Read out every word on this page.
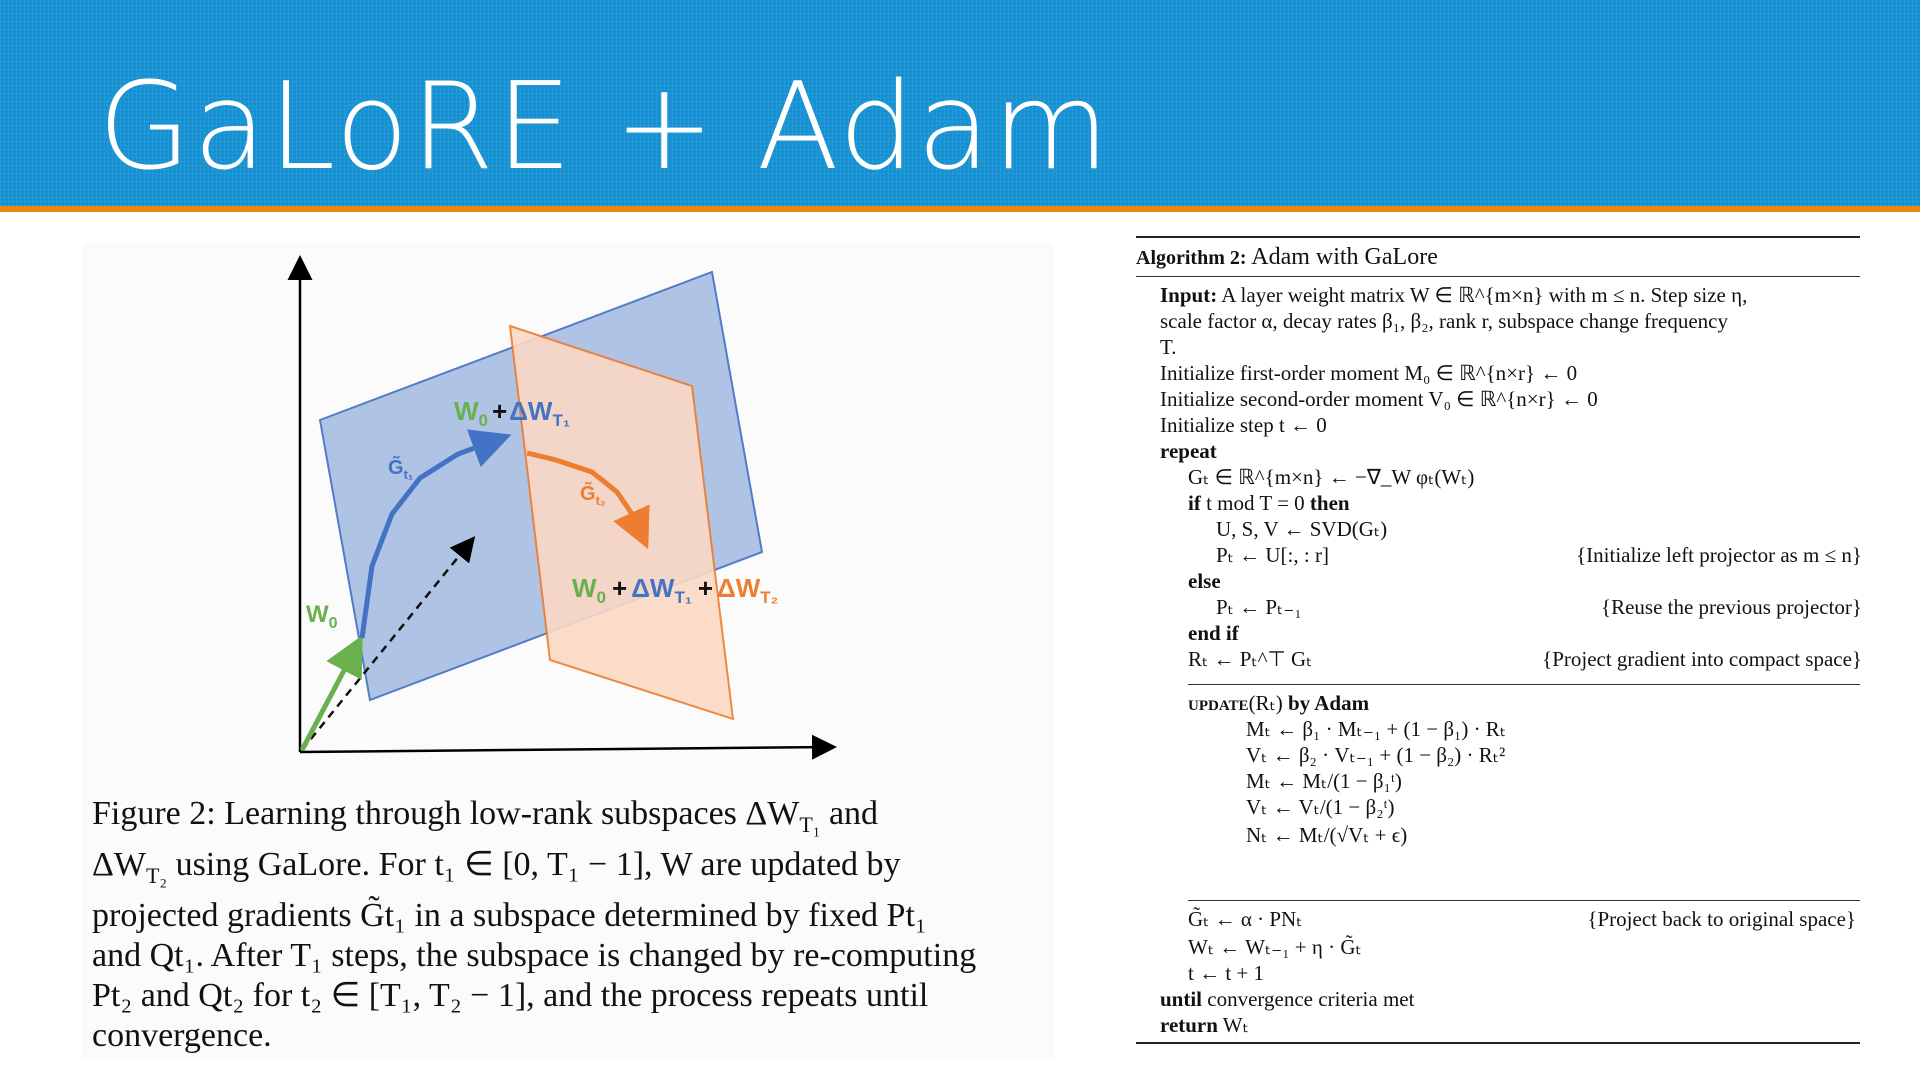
GaLoRE + Adam
$W_0$
$G̃_{t_1}$
$G̃_{t_2}$
$W_0 +\Delta W_{T_1}$
$W_0 + \Delta W_{T_1} + \Delta W_{T_2}$
Figure 2: Learning through low-rank subspaces $\Delta W_{T_1}$ and
$\Delta W_{T_2}$ using GaLore. For t₁ ∈ [0, T₁ − 1], W are updated by
projected gradients G̃t₁ in a subspace determined by fixed Pt₁
and Qt₁. After T₁ steps, the subspace is changed by re-computing
Pt₂ and Qt₂ for t₂ ∈ [T₁, T₂ − 1], and the process repeats until
convergence.
Algorithm 2: Adam with GaLore
Input: A layer weight matrix W ∈ ℝ^{m×n} with m ≤ n. Step size η,
scale factor α, decay rates β₁, β₂, rank r, subspace change frequency
T.
Initialize first-order moment M₀ ∈ ℝ^{n×r} ← 0
Initialize second-order moment V₀ ∈ ℝ^{n×r} ← 0
Initialize step t ← 0
repeat
Gₜ ∈ ℝ^{m×n} ← −∇_W φₜ(Wₜ)
if t mod T = 0 then
U, S, V ← SVD(Gₜ)
Pₜ ← U[:, : r]	{Initialize left projector as m ≤ n}
else
Pₜ ← Pₜ₋₁	{Reuse the previous projector}
end if
Rₜ ← Pₜ^⊤ Gₜ	{Project gradient into compact space}
update(Rₜ) by Adam
Mₜ ← β₁ · Mₜ₋₁ + (1 − β₁) · Rₜ
Vₜ ← β₂ · Vₜ₋₁ + (1 − β₂) · Rₜ²
Mₜ ← Mₜ/(1 − β₁ᵗ)
Vₜ ← Vₜ/(1 − β₂ᵗ)
Nₜ ← Mₜ/(√Vₜ + ϵ)
G̃ₜ ← α · PNₜ	{Project back to original space}
Wₜ ← Wₜ₋₁ + η · G̃ₜ
t ← t + 1
until convergence criteria met
return Wₜ
